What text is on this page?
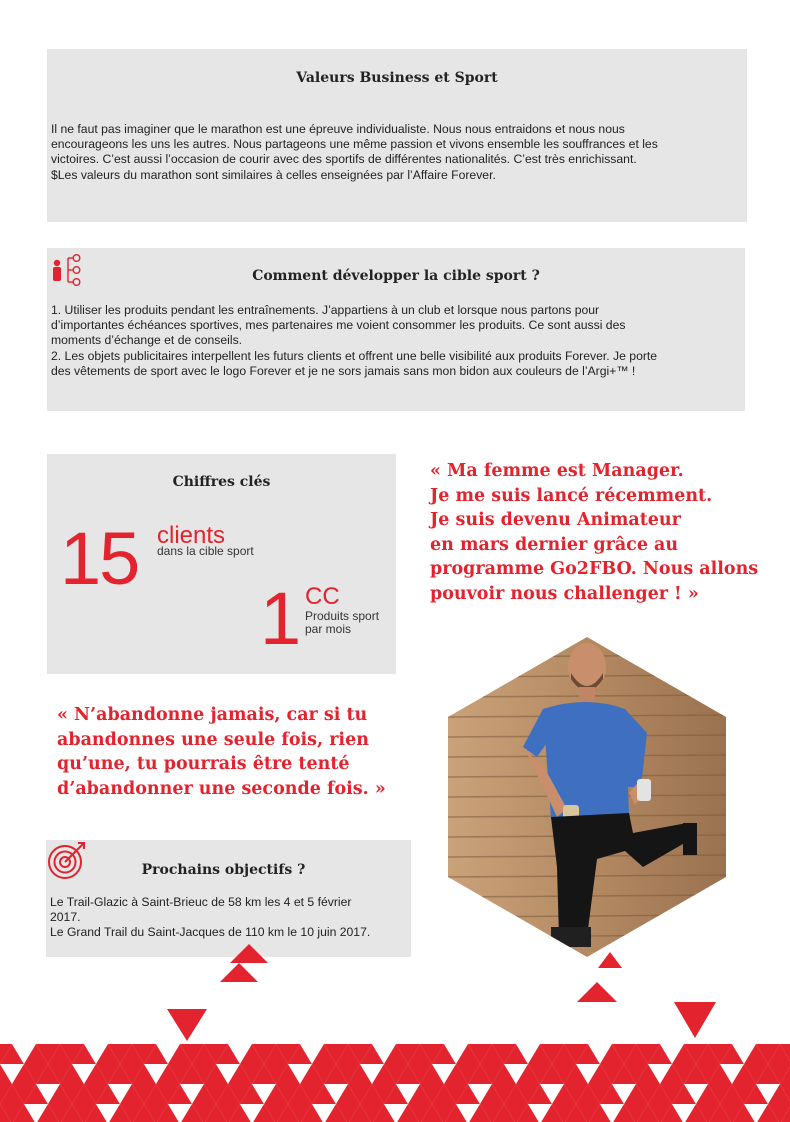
Valeurs Business et Sport
Il ne faut pas imaginer que le marathon est une épreuve individualiste. Nous nous entraidons et nous nous
encourageons les uns les autres. Nous partageons une même passion et vivons ensemble les souffrances et les
victoires. C’est aussi l’occasion de courir avec des sportifs de différentes nationalités. C’est très enrichissant.
$Les valeurs du marathon sont similaires à celles enseignées par l’Affaire Forever.
Comment développer la cible sport ?
1. Utiliser les produits pendant les entraînements. J’appartiens à un club et lorsque nous partons pour
d’importantes échéances sportives, mes partenaires me voient consommer les produits. Ce sont aussi des
moments d’échange et de conseils.
2. Les objets publicitaires interpellent les futurs clients et offrent une belle visibilité aux produits Forever. Je porte
des vêtements de sport avec le logo Forever et je ne sors jamais sans mon bidon aux couleurs de l’Argi+™ !
Chiffres clés
15 clients
dans la cible sport
1 CC
Produits sport
par mois
« Ma femme est Manager.
Je me suis lancé récemment.
Je suis devenu Animateur
en mars dernier grâce au
programme Go2FBO. Nous allons
pouvoir nous challenger ! »
« N’abandonne jamais, car si tu
abandonnes une seule fois, rien
qu’une, tu pourrais être tenté
d’abandonner une seconde fois. »
Prochains objectifs ?
Le Trail-Glazic à Saint-Brieuc de 58 km les 4 et 5 février
2017.
Le Grand Trail du Saint-Jacques de 110 km le 10 juin 2017.
